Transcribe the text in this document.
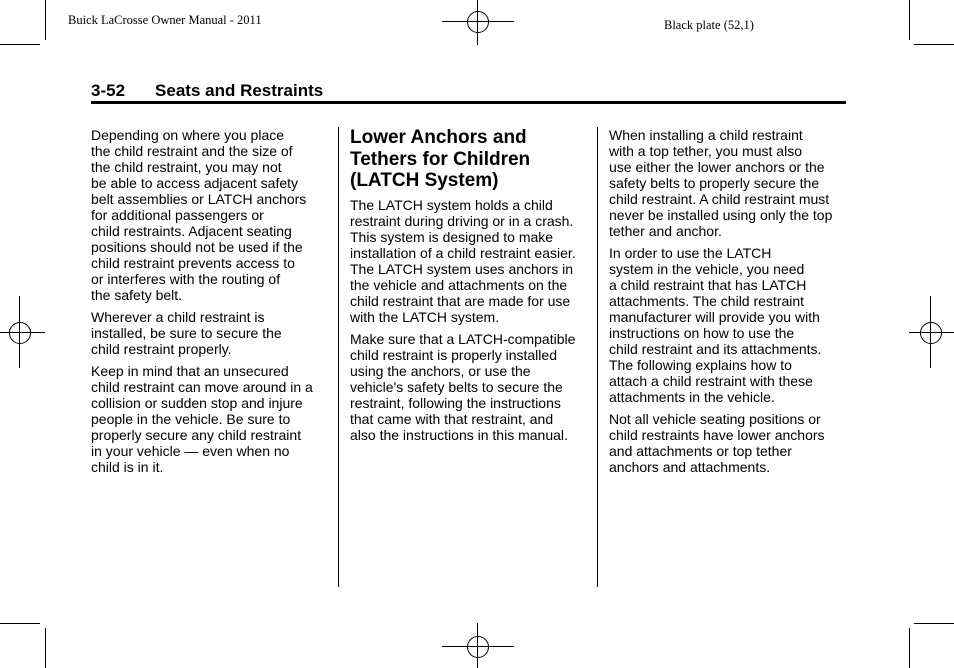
Buick LaCrosse Owner Manual - 2011	Black plate (52,1)
3-52 Seats and Restraints

Depending on where you place
the child restraint and the size of
the child restraint, you may not
be able to access adjacent safety
belt assemblies or LATCH anchors
for additional passengers or
child restraints. Adjacent seating
positions should not be used if the
child restraint prevents access to
or interferes with the routing of
the safety belt.

Wherever a child restraint is
installed, be sure to secure the
child restraint properly.

Keep in mind that an unsecured
child restraint can move around in a
collision or sudden stop and injure
people in the vehicle. Be sure to
properly secure any child restraint
in your vehicle — even when no
child is in it.

Lower Anchors and
Tethers for Children
(LATCH System)

The LATCH system holds a child
restraint during driving or in a crash.
This system is designed to make
installation of a child restraint easier.
The LATCH system uses anchors in
the vehicle and attachments on the
child restraint that are made for use
with the LATCH system.

Make sure that a LATCH-compatible
child restraint is properly installed
using the anchors, or use the
vehicle's safety belts to secure the
restraint, following the instructions
that came with that restraint, and
also the instructions in this manual.

When installing a child restraint
with a top tether, you must also
use either the lower anchors or the
safety belts to properly secure the
child restraint. A child restraint must
never be installed using only the top
tether and anchor.

In order to use the LATCH
system in the vehicle, you need
a child restraint that has LATCH
attachments. The child restraint
manufacturer will provide you with
instructions on how to use the
child restraint and its attachments.
The following explains how to
attach a child restraint with these
attachments in the vehicle.

Not all vehicle seating positions or
child restraints have lower anchors
and attachments or top tether
anchors and attachments.
